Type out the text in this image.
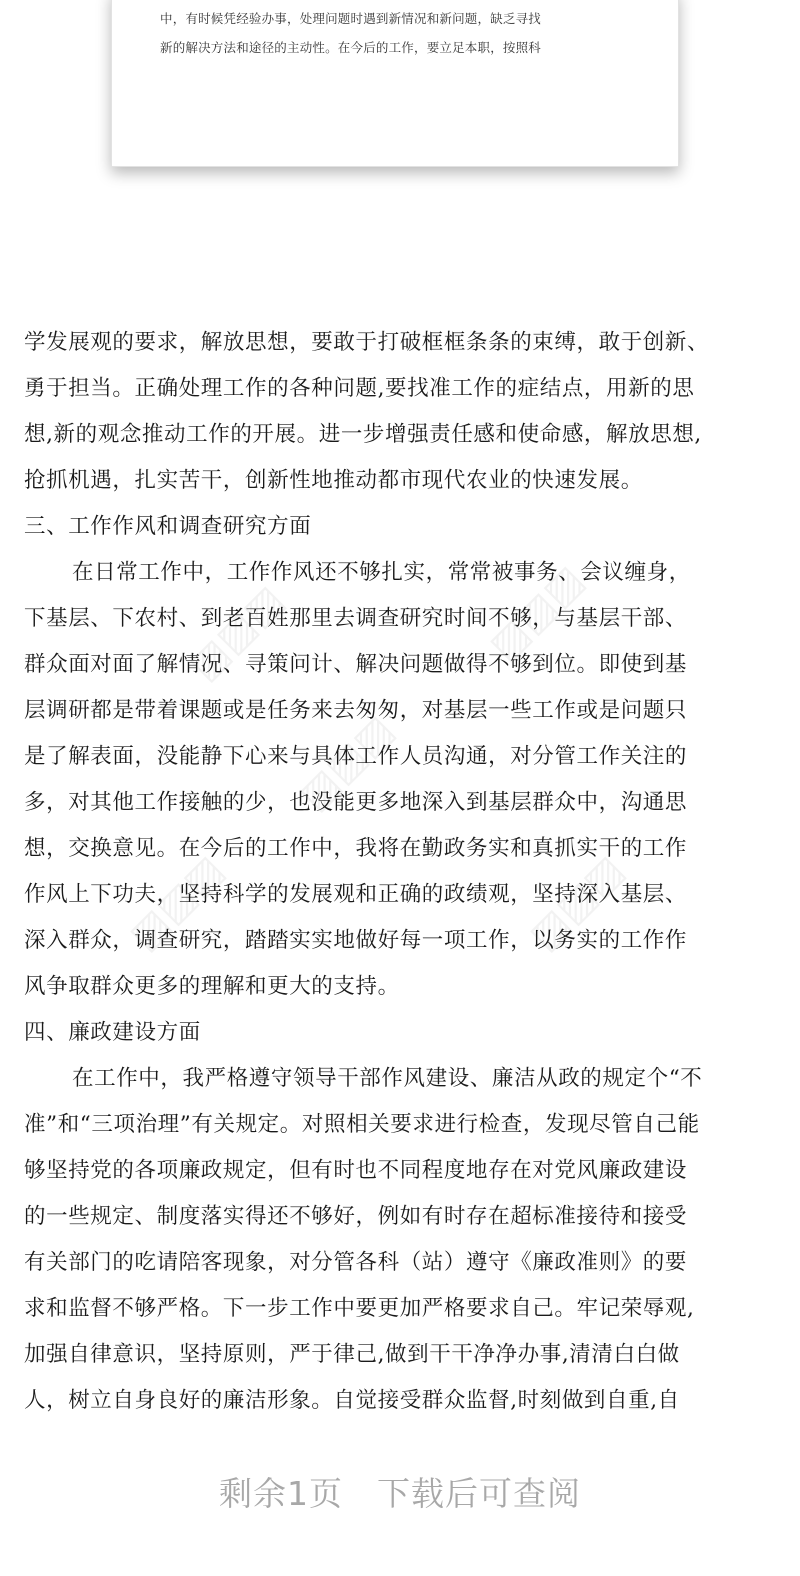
中，有时候凭经验办事，处理问题时遇到新情况和新问题，缺乏寻找
新的解决方法和途径的主动性。在今后的工作，要立足本职，按照科
▨▨▨	▨▨▨
▨▨▨
▨▨▨	▨▨▨
学发展观的要求，解放思想，要敢于打破框框条条的束缚，敢于创新、
勇于担当。正确处理工作的各种问题,要找准工作的症结点，用新的思
想,新的观念推动工作的开展。进一步增强责任感和使命感，解放思想,
抢抓机遇，扎实苦干，创新性地推动都市现代农业的快速发展。
三、工作作风和调查研究方面
在日常工作中，工作作风还不够扎实，常常被事务、会议缠身，
下基层、下农村、到老百姓那里去调查研究时间不够，与基层干部、
群众面对面了解情况、寻策问计、解决问题做得不够到位。即使到基
层调研都是带着课题或是任务来去匆匆，对基层一些工作或是问题只
是了解表面，没能静下心来与具体工作人员沟通，对分管工作关注的
多，对其他工作接触的少，也没能更多地深入到基层群众中，沟通思
想，交换意见。在今后的工作中，我将在勤政务实和真抓实干的工作
作风上下功夫，坚持科学的发展观和正确的政绩观，坚持深入基层、
深入群众，调查研究，踏踏实实地做好每一项工作，以务实的工作作
风争取群众更多的理解和更大的支持。
四、廉政建设方面
在工作中，我严格遵守领导干部作风建设、廉洁从政的规定个“不
准”和“三项治理”有关规定。对照相关要求进行检查，发现尽管自己能
够坚持党的各项廉政规定，但有时也不同程度地存在对党风廉政建设
的一些规定、制度落实得还不够好，例如有时存在超标准接待和接受
有关部门的吃请陪客现象，对分管各科（站）遵守《廉政准则》的要
求和监督不够严格。下一步工作中要更加严格要求自己。牢记荣辱观,
加强自律意识，坚持原则，严于律己,做到干干净净办事,清清白白做
人，树立自身良好的廉洁形象。自觉接受群众监督,时刻做到自重,自
剩余1页 下载后可查阅
